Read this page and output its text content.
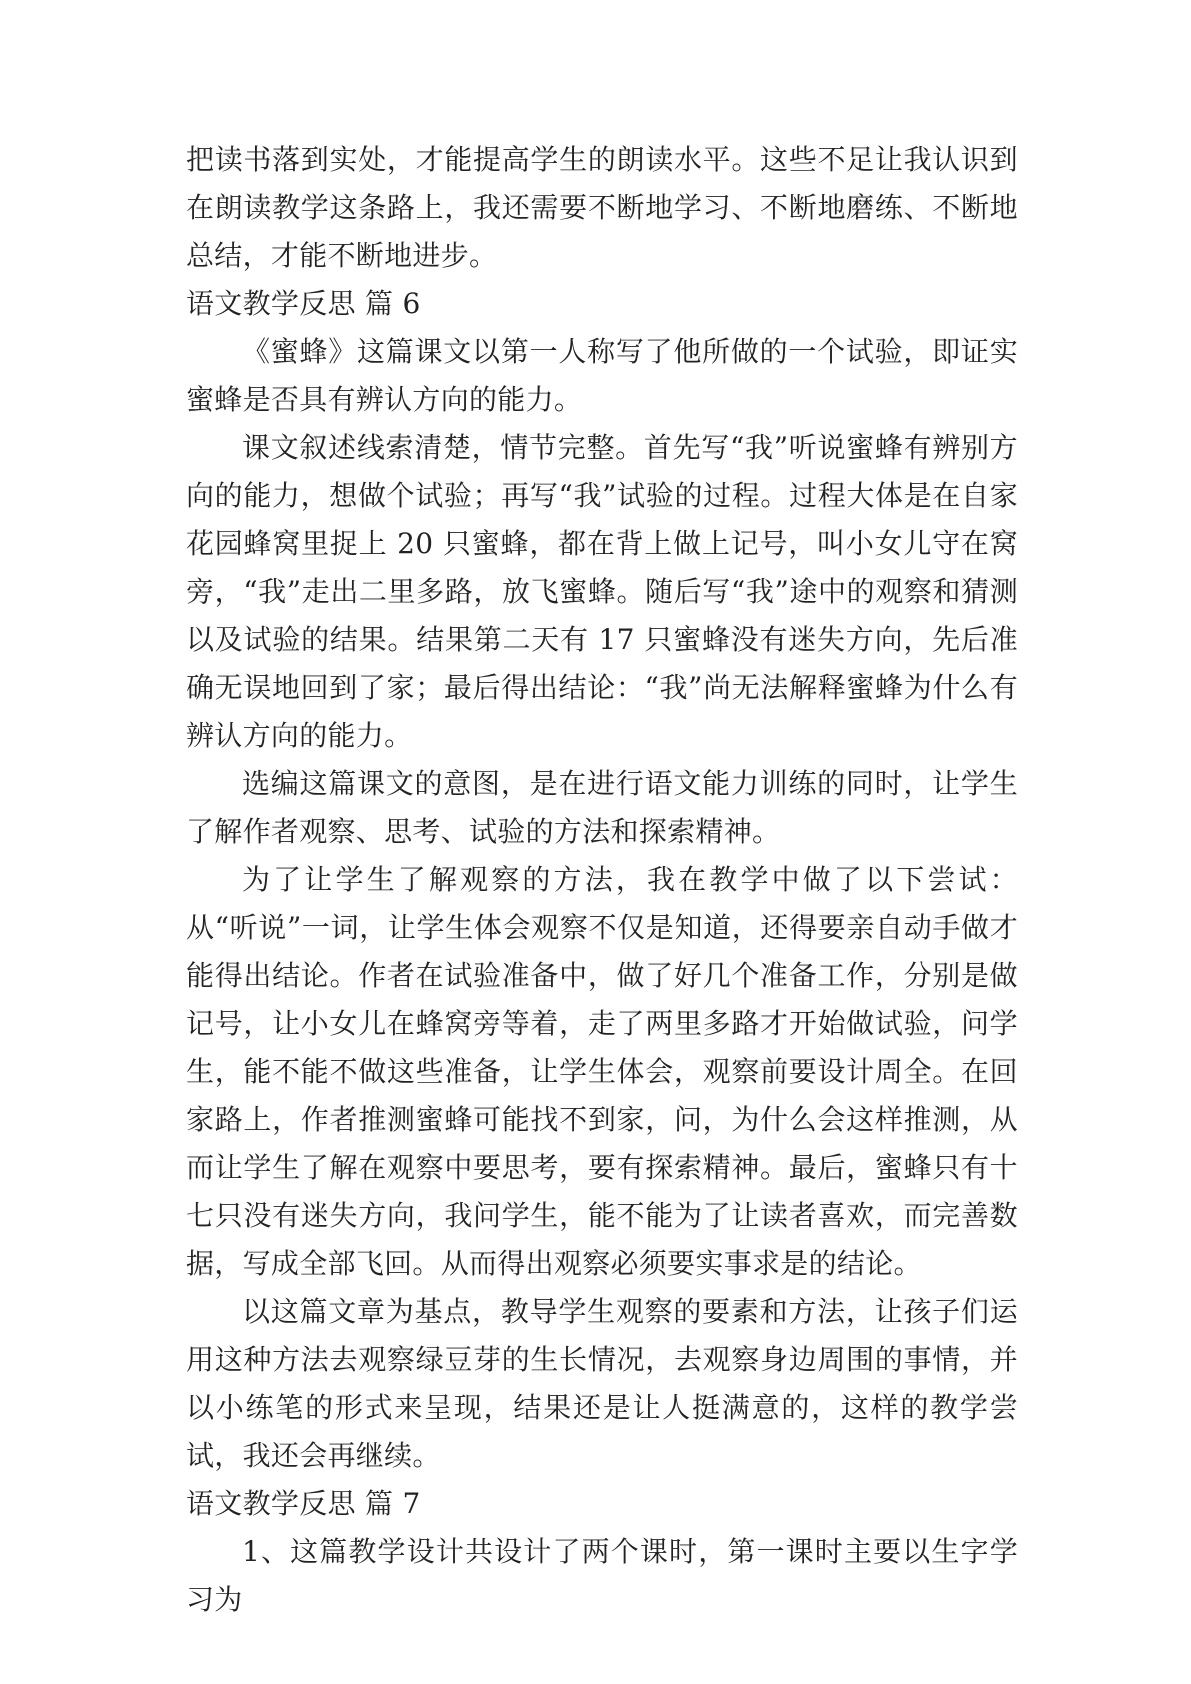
把读书落到实处，才能提高学生的朗读水平。这些不足让我认识到在朗读教学这条路上，我还需要不断地学习、不断地磨练、不断地总结，才能不断地进步。

语文教学反思 篇 6

《蜜蜂》这篇课文以第一人称写了他所做的一个试验，即证实蜜蜂是否具有辨认方向的能力。

课文叙述线索清楚，情节完整。首先写“我”听说蜜蜂有辨别方向的能力，想做个试验；再写“我”试验的过程。过程大体是在自家花园蜂窝里捉上 20 只蜜蜂，都在背上做上记号，叫小女儿守在窝旁，“我”走出二里多路，放飞蜜蜂。随后写“我”途中的观察和猜测以及试验的结果。结果第二天有 17 只蜜蜂没有迷失方向，先后准确无误地回到了家；最后得出结论：“我”尚无法解释蜜蜂为什么有辨认方向的能力。

选编这篇课文的意图，是在进行语文能力训练的同时，让学生了解作者观察、思考、试验的方法和探索精神。

为了让学生了解观察的方法，我在教学中做了以下尝试：从“听说”一词，让学生体会观察不仅是知道，还得要亲自动手做才能得出结论。作者在试验准备中，做了好几个准备工作，分别是做记号，让小女儿在蜂窝旁等着，走了两里多路才开始做试验，问学生，能不能不做这些准备，让学生体会，观察前要设计周全。在回家路上，作者推测蜜蜂可能找不到家，问，为什么会这样推测，从而让学生了解在观察中要思考，要有探索精神。最后，蜜蜂只有十七只没有迷失方向，我问学生，能不能为了让读者喜欢，而完善数据，写成全部飞回。从而得出观察必须要实事求是的结论。

以这篇文章为基点，教导学生观察的要素和方法，让孩子们运用这种方法去观察绿豆芽的生长情况，去观察身边周围的事情，并以小练笔的形式来呈现，结果还是让人挺满意的，这样的教学尝试，我还会再继续。

语文教学反思 篇 7

1、这篇教学设计共设计了两个课时，第一课时主要以生字学习为
